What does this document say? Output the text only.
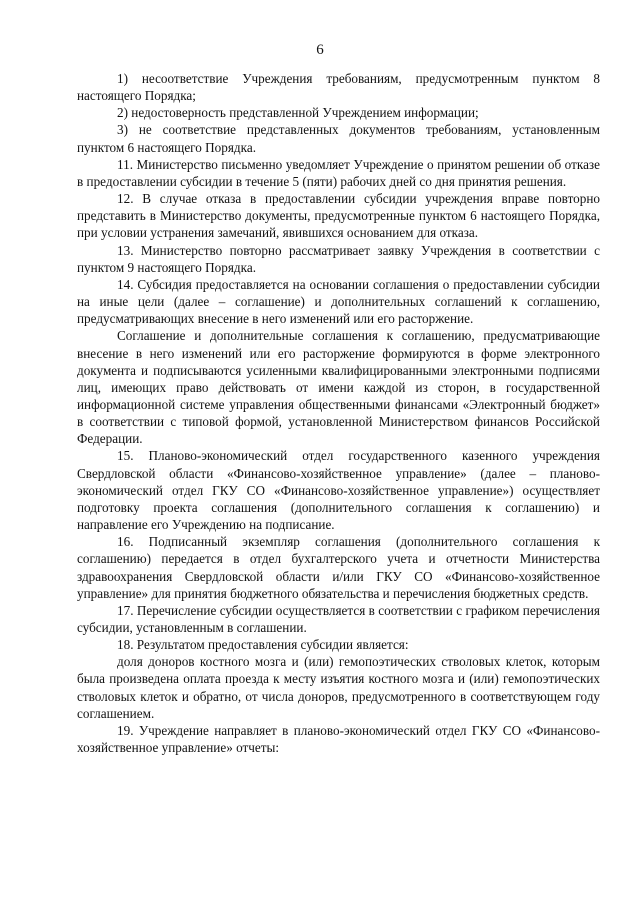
6

1) несоответствие Учреждения требованиям, предусмотренным пунктом 8 настоящего Порядка;

2) недостоверность представленной Учреждением информации;

3) не соответствие представленных документов требованиям, установленным пунктом 6 настоящего Порядка.

11. Министерство письменно уведомляет Учреждение о принятом решении об отказе в предоставлении субсидии в течение 5 (пяти) рабочих дней со дня принятия решения.

12. В случае отказа в предоставлении субсидии учреждения вправе повторно представить в Министерство документы, предусмотренные пунктом 6 настоящего Порядка, при условии устранения замечаний, явившихся основанием для отказа.

13. Министерство повторно рассматривает заявку Учреждения в соответствии с пунктом 9 настоящего Порядка.

14. Субсидия предоставляется на основании соглашения о предоставлении субсидии на иные цели (далее – соглашение) и дополнительных соглашений к соглашению, предусматривающих внесение в него изменений или его расторжение.

Соглашение и дополнительные соглашения к соглашению, предусматривающие внесение в него изменений или его расторжение формируются в форме электронного документа и подписываются усиленными квалифицированными электронными подписями лиц, имеющих право действовать от имени каждой из сторон, в государственной информационной системе управления общественными финансами «Электронный бюджет» в соответствии с типовой формой, установленной Министерством финансов Российской Федерации.

15. Планово-экономический отдел государственного казенного учреждения Свердловской области «Финансово-хозяйственное управление» (далее – планово-экономический отдел ГКУ СО «Финансово-хозяйственное управление») осуществляет подготовку проекта соглашения (дополнительного соглашения к соглашению) и направление его Учреждению на подписание.

16. Подписанный экземпляр соглашения (дополнительного соглашения к соглашению) передается в отдел бухгалтерского учета и отчетности Министерства здравоохранения Свердловской области и/или ГКУ СО «Финансово-хозяйственное управление» для принятия бюджетного обязательства и перечисления бюджетных средств.

17. Перечисление субсидии осуществляется в соответствии с графиком перечисления субсидии, установленным в соглашении.

18. Результатом предоставления субсидии является:

доля доноров костного мозга и (или) гемопоэтических стволовых клеток, которым была произведена оплата проезда к месту изъятия костного мозга и (или) гемопоэтических стволовых клеток и обратно, от числа доноров, предусмотренного в соответствующем году соглашением.

19. Учреждение направляет в планово-экономический отдел ГКУ СО «Финансово-хозяйственное управление» отчеты:
